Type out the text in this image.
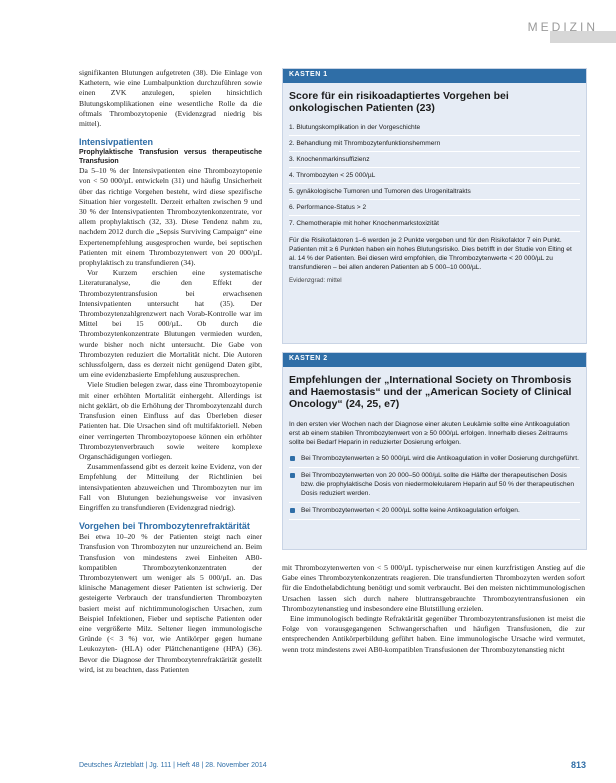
MEDIZIN

signifikanten Blutungen aufgetreten (38). Die Einlage von Kathetern, wie eine Lumbalpunktion durchzuführen sowie einen ZVK anzulegen, spielen hinsichtlich Blutungskomplikationen eine wesentliche Rolle da die oftmals Thrombozytopenie (Evidenzgrad niedrig bis mittel).

Intensivpatienten
Prophylaktische Transfusion versus therapeutische Transfusion

Da 5–10 % der Intensivpatienten eine Thrombozytopenie von < 50 000/µL entwickeln (31) und häufig Unsicherheit über das richtige Vorgehen besteht, wird diese spezifische Situation hier vorgestellt. Derzeit erhalten zwischen 9 und 30 % der Intensivpatienten Thrombozytenkonzentrate, vor allem prophylaktisch (32, 33). Diese Tendenz nahm zu, nachdem 2012 durch die „Sepsis Surviving Campaign“ eine Expertenempfehlung ausgesprochen wurde, bei septischen Patienten mit einem Thrombozytenwert von 20 000/µL prophylaktisch zu transfundieren (34).

Vor Kurzem erschien eine systematische Literaturanalyse, die den Effekt der Thrombozytentransfusion bei erwachsenen Intensivpatienten untersucht hat (35). Der Thrombozytenzahlgrenzwert nach Vorab-Kontrolle war im Mittel bei 15 000/µL. Ob durch die Thrombozytenkonzentrate Blutungen vermieden wurden, wurde bisher noch nicht untersucht. Die Gabe von Thrombozyten reduziert die Mortalität nicht. Die Autoren schlussfolgern, dass es derzeit nicht genügend Daten gibt, um eine evidenzbasierte Empfehlung auszusprechen.

Viele Studien belegen zwar, dass eine Thrombozytopenie mit einer erhöhten Mortalität einhergeht. Allerdings ist nicht geklärt, ob die Erhöhung der Thrombozytenzahl durch Transfusion einen Einfluss auf das Überleben dieser Patienten hat. Die Ursachen sind oft multifaktoriell. Neben einer verringerten Thrombozytopoese können ein erhöhter Thrombozytenverbrauch sowie weitere komplexe Organschädigungen vorliegen.

Zusammenfassend gibt es derzeit keine Evidenz, von der Empfehlung der Mitteilung der Richtlinien bei intensivpatienten abzuweichen und Thrombozyten nur im Fall von Blutungen beziehungsweise vor invasiven Eingriffen zu transfundieren (Evidenzgrad niedrig).

Vorgehen bei Thrombozytenrefraktärität

Bei etwa 10–20 % der Patienten steigt nach einer Transfusion von Thrombozyten nur unzureichend an. Beim Transfusion von mindestens zwei Einheiten AB0-kompatiblen Thrombozytenkonzentraten der Thrombozytenwert um weniger als 5 000/µL an. Das klinische Management dieser Patienten ist schwierig. Der gesteigerte Verbrauch der transfundierten Thrombozyten basiert meist auf nichtimmunologischen Ursachen, zum Beispiel Infektionen, Fieber und septische Patienten oder eine vergrößerte Milz. Seltener liegen immunologische Gründe (< 3 %) vor, wie Antikörper gegen humane Leukozyten- (HLA) oder Plättchenantigene (HPA) (36). Bevor die Diagnose der Thrombozytenrefraktärität gestellt wird, ist zu beachten, dass Patienten

KASTEN 1
Score für ein risikoadaptiertes Vorgehen bei onkologischen Patienten (23)
1. Blutungskomplikation in der Vorgeschichte
2. Behandlung mit Thrombozytenfunktionshemmern
3. Knochenmarkinsuffizienz
4. Thrombozyten < 25 000/µL
5. gynäkologische Tumoren und Tumoren des Urogenitaltrakts
6. Performance-Status > 2
7. Chemotherapie mit hoher Knochenmarkstoxizität
Für die Risikofaktoren 1–6 werden je 2 Punkte vergeben und für den Risikofaktor 7 ein Punkt. Patienten mit ≥ 6 Punkten haben ein hohes Blutungsrisiko. Dies betrifft in der Studie von Elting et al. 14 % der Patienten. Bei diesen wird empfohlen, die Thrombozytenwerte < 20 000/µL zu transfundieren – bei allen anderen Patienten ab 5 000–10 000/µL.
Evidenzgrad: mittel
KASTEN 2
Empfehlungen der „International Society on Thrombosis and Haemostasis“ und der „American Society of Clinical Oncology“ (24, 25, e7)
In den ersten vier Wochen nach der Diagnose einer akuten Leukämie sollte eine Antikoagulation erst ab einem stabilen Thrombozytenwert von ≥ 50 000/µL erfolgen. Innerhalb dieses Zeitraums sollte bei Bedarf Heparin in reduzierter Dosierung erfolgen.
Bei Thrombozytenwerten ≥ 50 000/µL wird die Antikoagulation in voller Dosierung durchgeführt.
Bei Thrombozytenwerten von 20 000–50 000/µL sollte die Hälfte der therapeutischen Dosis bzw. die prophylaktische Dosis von niedermolekularem Heparin auf 50 % der therapeutischen Dosis reduziert werden.
Bei Thrombozytenwerten < 20 000/µL sollte keine Antikoagulation erfolgen.

mit Thrombozytenwerten von < 5 000/µL typischerweise nur einen kurzfristigen Anstieg auf die Gabe eines Thrombozytenkonzentrats reagieren. Die transfundierten Thrombozyten werden sofort für die Endothelabdichtung benötigt und somit verbraucht. Bei den meisten nichtimmunologischen Ursachen lassen sich durch nahere bluttransgebrauchte Thrombozytentransfusionen ein Thrombozytenanstieg und insbesondere eine Blutstillung erzielen.

Eine immunologisch bedingte Refraktärität gegenüber Thrombozytentransfusionen ist meist die Folge von vorausgegangenen Schwangerschaften und häufigen Transfusionen, die zur entsprechenden Antikörperbildung geführt haben. Eine immunologische Ursache wird vermutet, wenn trotz mindestens zwei AB0-kompatiblen Transfusionen der Thrombozytenanstieg nicht

Deutsches Ärzteblatt | Jg. 111 | Heft 48 | 28. November 2014	813
